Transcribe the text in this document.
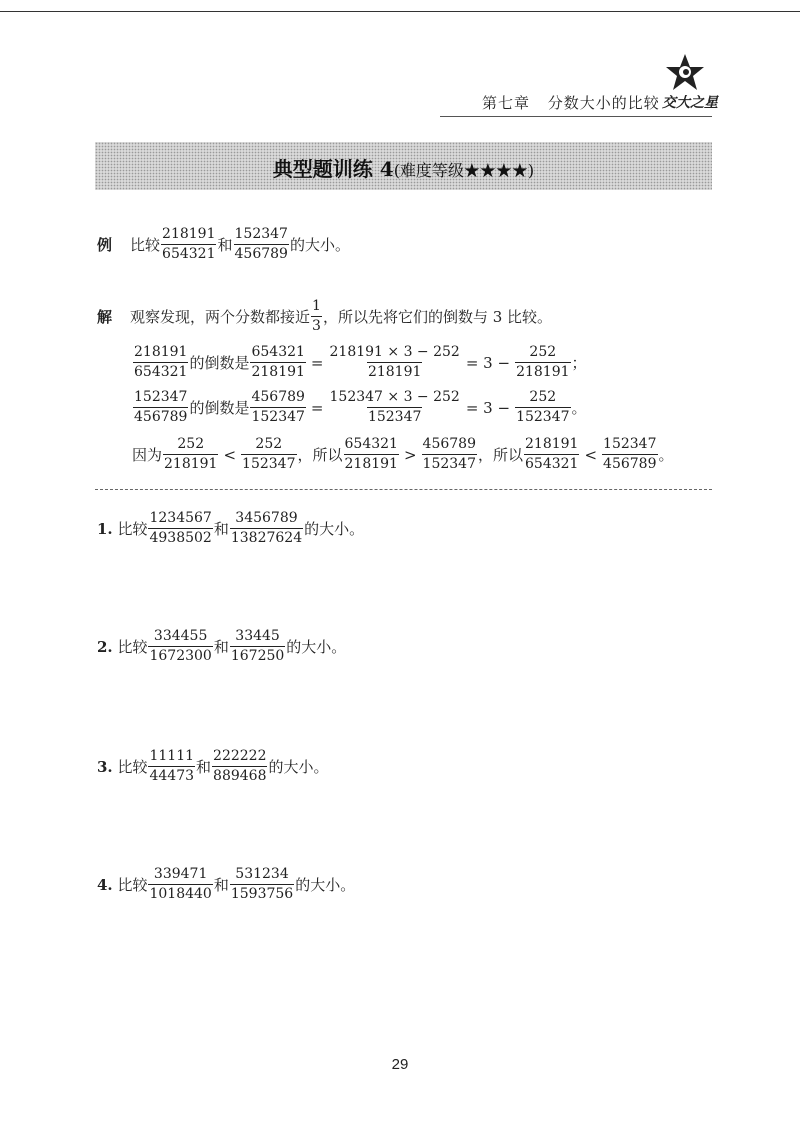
第七章 分数大小的比较 交大之星
典型题训练 4(难度等级★★★★)
例 比较 $\frac{218191}{654321}$ 和 $\frac{152347}{456789}$ 的大小。
解 观察发现，两个分数都接近 $\frac{1}{3}$ ，所以先将它们的倒数与 3 比较。
$\frac{218191}{654321}$ 的倒数是 $\frac{654321}{218191} = \frac{218191 \times 3 - 252}{218191} = 3 - \frac{252}{218191}$ ；
$\frac{152347}{456789}$ 的倒数是 $\frac{456789}{152347} = \frac{152347 \times 3 - 252}{152347} = 3 - \frac{252}{152347}$ 。
因为 $\frac{252}{218191} < \frac{252}{152347}$ ，所以 $\frac{654321}{218191} > \frac{456789}{152347}$ ，所以 $\frac{218191}{654321} < \frac{152347}{456789}$ 。
1.
比较 $\frac{1234567}{4938502}$ 和 $\frac{3456789}{13827624}$ 的大小。
2.
比较 $\frac{334455}{1672300}$ 和 $\frac{33445}{167250}$ 的大小。
3.
比较 $\frac{11111}{44473}$ 和 $\frac{222222}{889468}$ 的大小。
4.
比较 $\frac{339471}{1018440}$ 和 $\frac{531234}{1593756}$ 的大小。
29
